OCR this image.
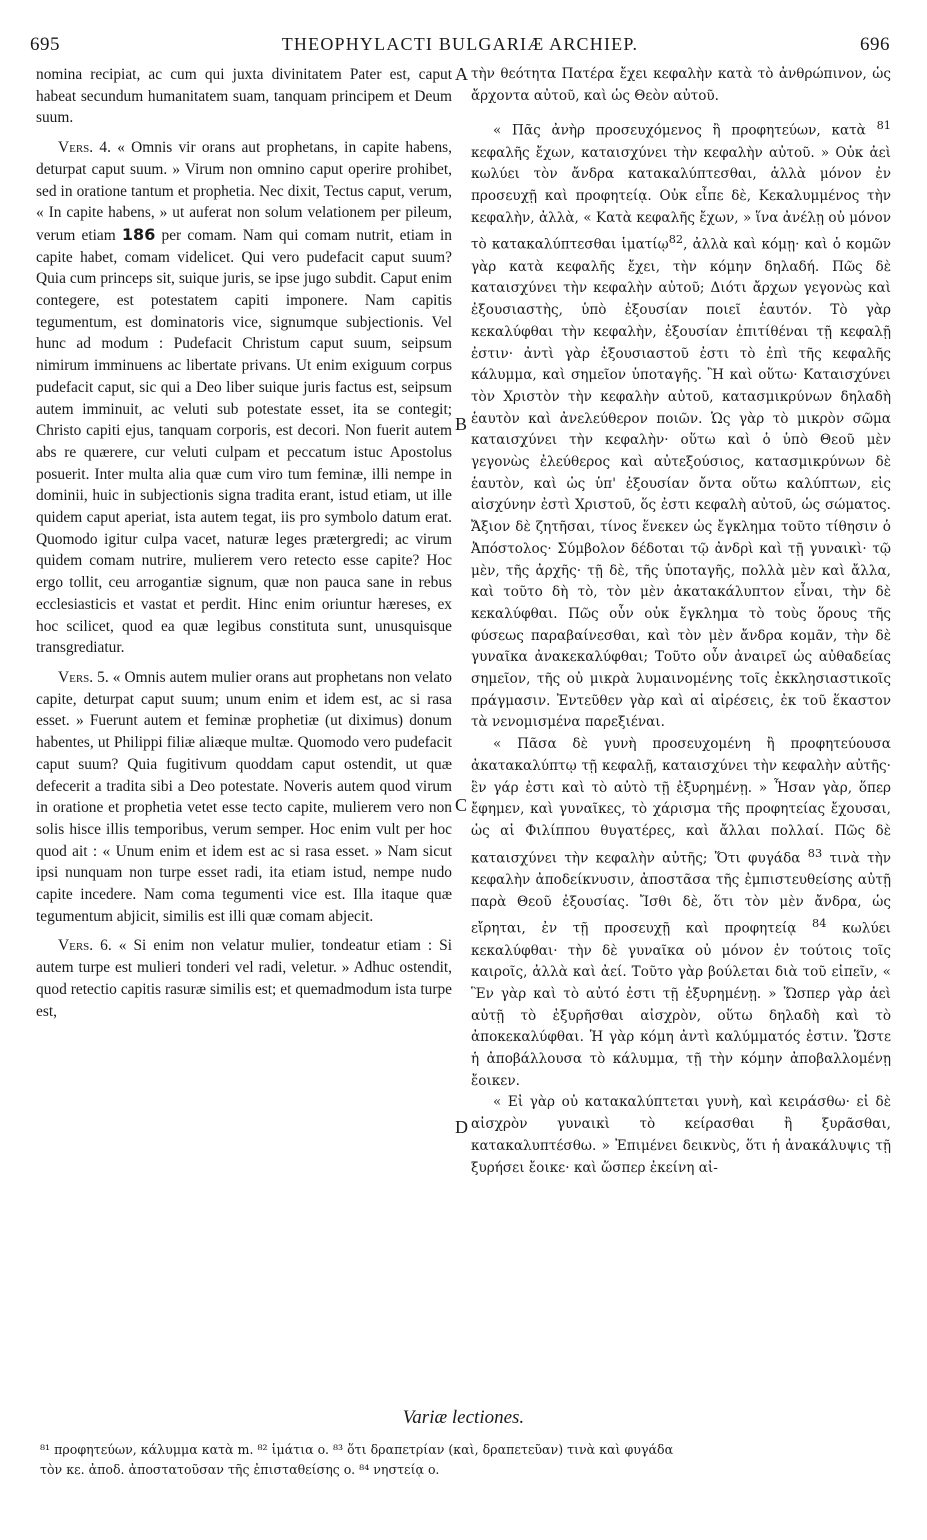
695	THEOPHYLACTI BULGARIÆ ARCHIEP.	696

nomina recipiat, ac cum qui juxta divinitatem Pater est, caput habeat secundum humanitatem suam, tanquam principem et Deum suum.

Vers. 4. « Omnis vir orans aut prophetans, in capite habens, deturpat caput suum. » Virum non omnino caput operire prohibet, sed in oratione tantum et prophetia. Nec dixit, Tectus caput, verum, « In capite habens, » ut auferat non solum velationem per pileum, verum etiam 186 per comam. Nam qui comam nutrit, etiam in capite habet, comam videlicet. Qui vero pudefacit caput suum? Quia cum princeps sit, suique juris, se ipse jugo subdit. Caput enim contegere, est potestatem capiti imponere. Nam capitis tegumentum, est dominatoris vice, signumque subjectionis. Vel hunc ad modum : Pudefacit Christum caput suum, seipsum nimirum imminuens ac libertate privans. Ut enim exiguum corpus pudefacit caput, sic qui a Deo liber suique juris factus est, seipsum autem imminuit, ac veluti sub potestate esset, ita se contegit; Christo capiti ejus, tanquam corporis, est decori. Non fuerit autem abs re quærere, cur veluti culpam et peccatum istuc Apostolus posuerit. Inter multa alia quæ cum viro tum feminæ, illi nempe in dominii, huic in subjectionis signa tradita erant, istud etiam, ut ille quidem caput aperiat, ista autem tegat, iis pro symbolo datum erat. Quomodo igitur culpa vacet, naturæ leges prætergredi; ac virum quidem comam nutrire, mulierem vero retecto esse capite? Hoc ergo tollit, ceu arrogantiæ signum, quæ non pauca sane in rebus ecclesiasticis et vastat et perdit. Hinc enim oriuntur hæreses, ex hoc scilicet, quod ea quæ legibus constituta sunt, unusquisque transgrediatur.

Vers. 5. « Omnis autem mulier orans aut prophetans non velato capite, deturpat caput suum; unum enim et idem est, ac si rasa esset. » Fuerunt autem et feminæ prophetiæ (ut diximus) donum habentes, ut Philippi filiæ aliæque multæ. Quomodo vero pudefacit caput suum? Quia fugitivum quoddam caput ostendit, ut quæ defecerit a tradita sibi a Deo potestate. Noveris autem quod virum in oratione et prophetia vetet esse tecto capite, mulierem vero non solis hisce illis temporibus, verum semper. Hoc enim vult per hoc quod ait : « Unum enim et idem est ac si rasa esset. » Nam sicut ipsi nunquam non turpe esset radi, ita etiam istud, nempe nudo capite incedere. Nam coma tegumenti vice est. Illa itaque quæ tegumentum abjicit, similis est illi quæ comam abjecit.

Vers. 6. « Si enim non velatur mulier, tondeatur etiam : Si autem turpe est mulieri tonderi vel radi, veletur. » Adhuc ostendit, quod retectio capitis rasuræ similis est; et quemadmodum ista turpe est,

A
B
C
D

τὴν θεότητα Πατέρα ἔχει κεφαλὴν κατὰ τὸ ἀνθρώπινον, ὡς ἄρχοντα αὐτοῦ, καὶ ὡς Θεὸν αὐτοῦ.

« Πᾶς ἀνὴρ προσευχόμενος ἢ προφητεύων, κατὰ $^{81}$ κεφαλῆς ἔχων, καταισχύνει τὴν κεφαλὴν αὐτοῦ. » Οὐκ ἀεὶ κωλύει τὸν ἄνδρα κατακαλύπτεσθαι, ἀλλὰ μόνον ἐν προσευχῇ καὶ προφητείᾳ. Οὐκ εἶπε δὲ, Κεκαλυμμένος τὴν κεφαλὴν, ἀλλὰ, « Κατὰ κεφαλῆς ἔχων, » ἵνα ἀνέλῃ οὐ μόνον τὸ κατακαλύπτεσθαι ἱματίῳ$^{82}$, ἀλλὰ καὶ κόμῃ· καὶ ὁ κομῶν γὰρ κατὰ κεφαλῆς ἔχει, τὴν κόμην δηλαδή. Πῶς δὲ καταισχύνει τὴν κεφαλὴν αὐτοῦ; Διότι ἄρχων γεγονὼς καὶ ἐξουσιαστὴς, ὑπὸ ἐξουσίαν ποιεῖ ἑαυτόν. Τὸ γὰρ κεκαλύφθαι τὴν κεφαλὴν, ἐξουσίαν ἐπιτίθέναι τῇ κεφαλῇ ἐστιν· ἀντὶ γὰρ ἐξουσιαστοῦ ἐστι τὸ ἐπὶ τῆς κεφαλῆς κάλυμμα, καὶ σημεῖον ὑποταγῆς. Ἢ καὶ οὕτω· Καταισχύνει τὸν Χριστὸν τὴν κεφαλὴν αὐτοῦ, κατασμικρύνων δηλαδὴ ἑαυτὸν καὶ ἀνελεύθερον ποιῶν. Ὡς γὰρ τὸ μικρὸν σῶμα καταισχύνει τὴν κεφαλὴν· οὕτω καὶ ὁ ὑπὸ Θεοῦ μὲν γεγονὼς ἐλεύθερος καὶ αὐτεξούσιος, κατασμικρύνων δὲ ἑαυτὸν, καὶ ὡς ὑπ' ἐξουσίαν ὄντα οὕτω καλύπτων, εἰς αἰσχύνην ἐστὶ Χριστοῦ, ὅς ἐστι κεφαλὴ αὐτοῦ, ὡς σώματος. Ἄξιον δὲ ζητῆσαι, τίνος ἕνεκεν ὡς ἔγκλημα τοῦτο τίθησιν ὁ Ἀπόστολος· Σύμβολον δέδοται τῷ ἀνδρὶ καὶ τῇ γυναικὶ· τῷ μὲν, τῆς ἀρχῆς· τῇ δὲ, τῆς ὑποταγῆς, πολλὰ μὲν καὶ ἄλλα, καὶ τοῦτο δὴ τὸ, τὸν μὲν ἀκατακάλυπτον εἶναι, τὴν δὲ κεκαλύφθαι. Πῶς οὖν οὐκ ἔγκλημα τὸ τοὺς ὅρους τῆς φύσεως παραβαίνεσθαι, καὶ τὸν μὲν ἄνδρα κομᾶν, τὴν δὲ γυναῖκα ἀνακεκαλύφθαι; Τοῦτο οὖν ἀναιρεῖ ὡς αὐθαδείας σημεῖον, τῆς οὐ μικρὰ λυμαινομένης τοῖς ἐκκλησιαστικοῖς πράγμασιν. Ἐντεῦθεν γὰρ καὶ αἱ αἱρέσεις, ἐκ τοῦ ἕκαστον τὰ νενομισμένα παρεξιέναι.

« Πᾶσα δὲ γυνὴ προσευχομένη ἢ προφητεύουσα ἀκατακαλύπτῳ τῇ κεφαλῇ, καταισχύνει τὴν κεφαλὴν αὐτῆς· ἓν γάρ ἐστι καὶ τὸ αὐτὸ τῇ ἐξυρημένῃ. » Ἦσαν γὰρ, ὅπερ ἔφημεν, καὶ γυναῖκες, τὸ χάρισμα τῆς προφητείας ἔχουσαι, ὡς αἱ Φιλίππου θυγατέρες, καὶ ἄλλαι πολλαί. Πῶς δὲ καταισχύνει τὴν κεφαλὴν αὐτῆς; Ὅτι φυγάδα $^{83}$ τινὰ τὴν κεφαλὴν ἀποδείκνυσιν, ἀποστᾶσα τῆς ἐμπιστευθείσης αὐτῇ παρὰ Θεοῦ ἐξουσίας. Ἴσθι δὲ, ὅτι τὸν μὲν ἄνδρα, ὡς εἴρηται, ἐν τῇ προσευχῇ καὶ προφητείᾳ $^{84}$ κωλύει κεκαλύφθαι· τὴν δὲ γυναῖκα οὐ μόνον ἐν τούτοις τοῖς καιροῖς, ἀλλὰ καὶ ἀεί. Τοῦτο γὰρ βούλεται διὰ τοῦ εἰπεῖν, « Ἓν γὰρ καὶ τὸ αὐτό ἐστι τῇ ἐξυρημένῃ. » Ὥσπερ γὰρ ἀεὶ αὐτῇ τὸ ἐξυρῆσθαι αἰσχρὸν, οὕτω δηλαδὴ καὶ τὸ ἀποκεκαλύφθαι. Ἡ γὰρ κόμη ἀντὶ καλύμματός ἐστιν. Ὥστε ἡ ἀποβάλλουσα τὸ κάλυμμα, τῇ τὴν κόμην ἀποβαλλομένῃ ἔοικεν.

« Εἰ γὰρ οὐ κατακαλύπτεται γυνὴ, καὶ κειράσθω· εἰ δὲ αἰσχρὸν γυναικὶ τὸ κείρασθαι ἢ ξυρᾶσθαι, κατακαλυπτέσθω. » Ἐπιμένει δεικνὺς, ὅτι ἡ ἀνακάλυψις τῇ ξυρήσει ἔοικε· καὶ ὥσπερ ἐκείνη αἰ-

Variæ lectiones.

⁸¹ προφητεύων, κάλυμμα κατὰ m. ⁸² ἱμάτια o. ⁸³ ὅτι δραπετρίαν (καὶ, δραπετεῦαν) τινὰ καὶ φυγάδα

τὸν κε. ἀποδ. ἀποστατοῦσαν τῆς ἐπισταθείσης o. ⁸⁴ νηστείᾳ o.
